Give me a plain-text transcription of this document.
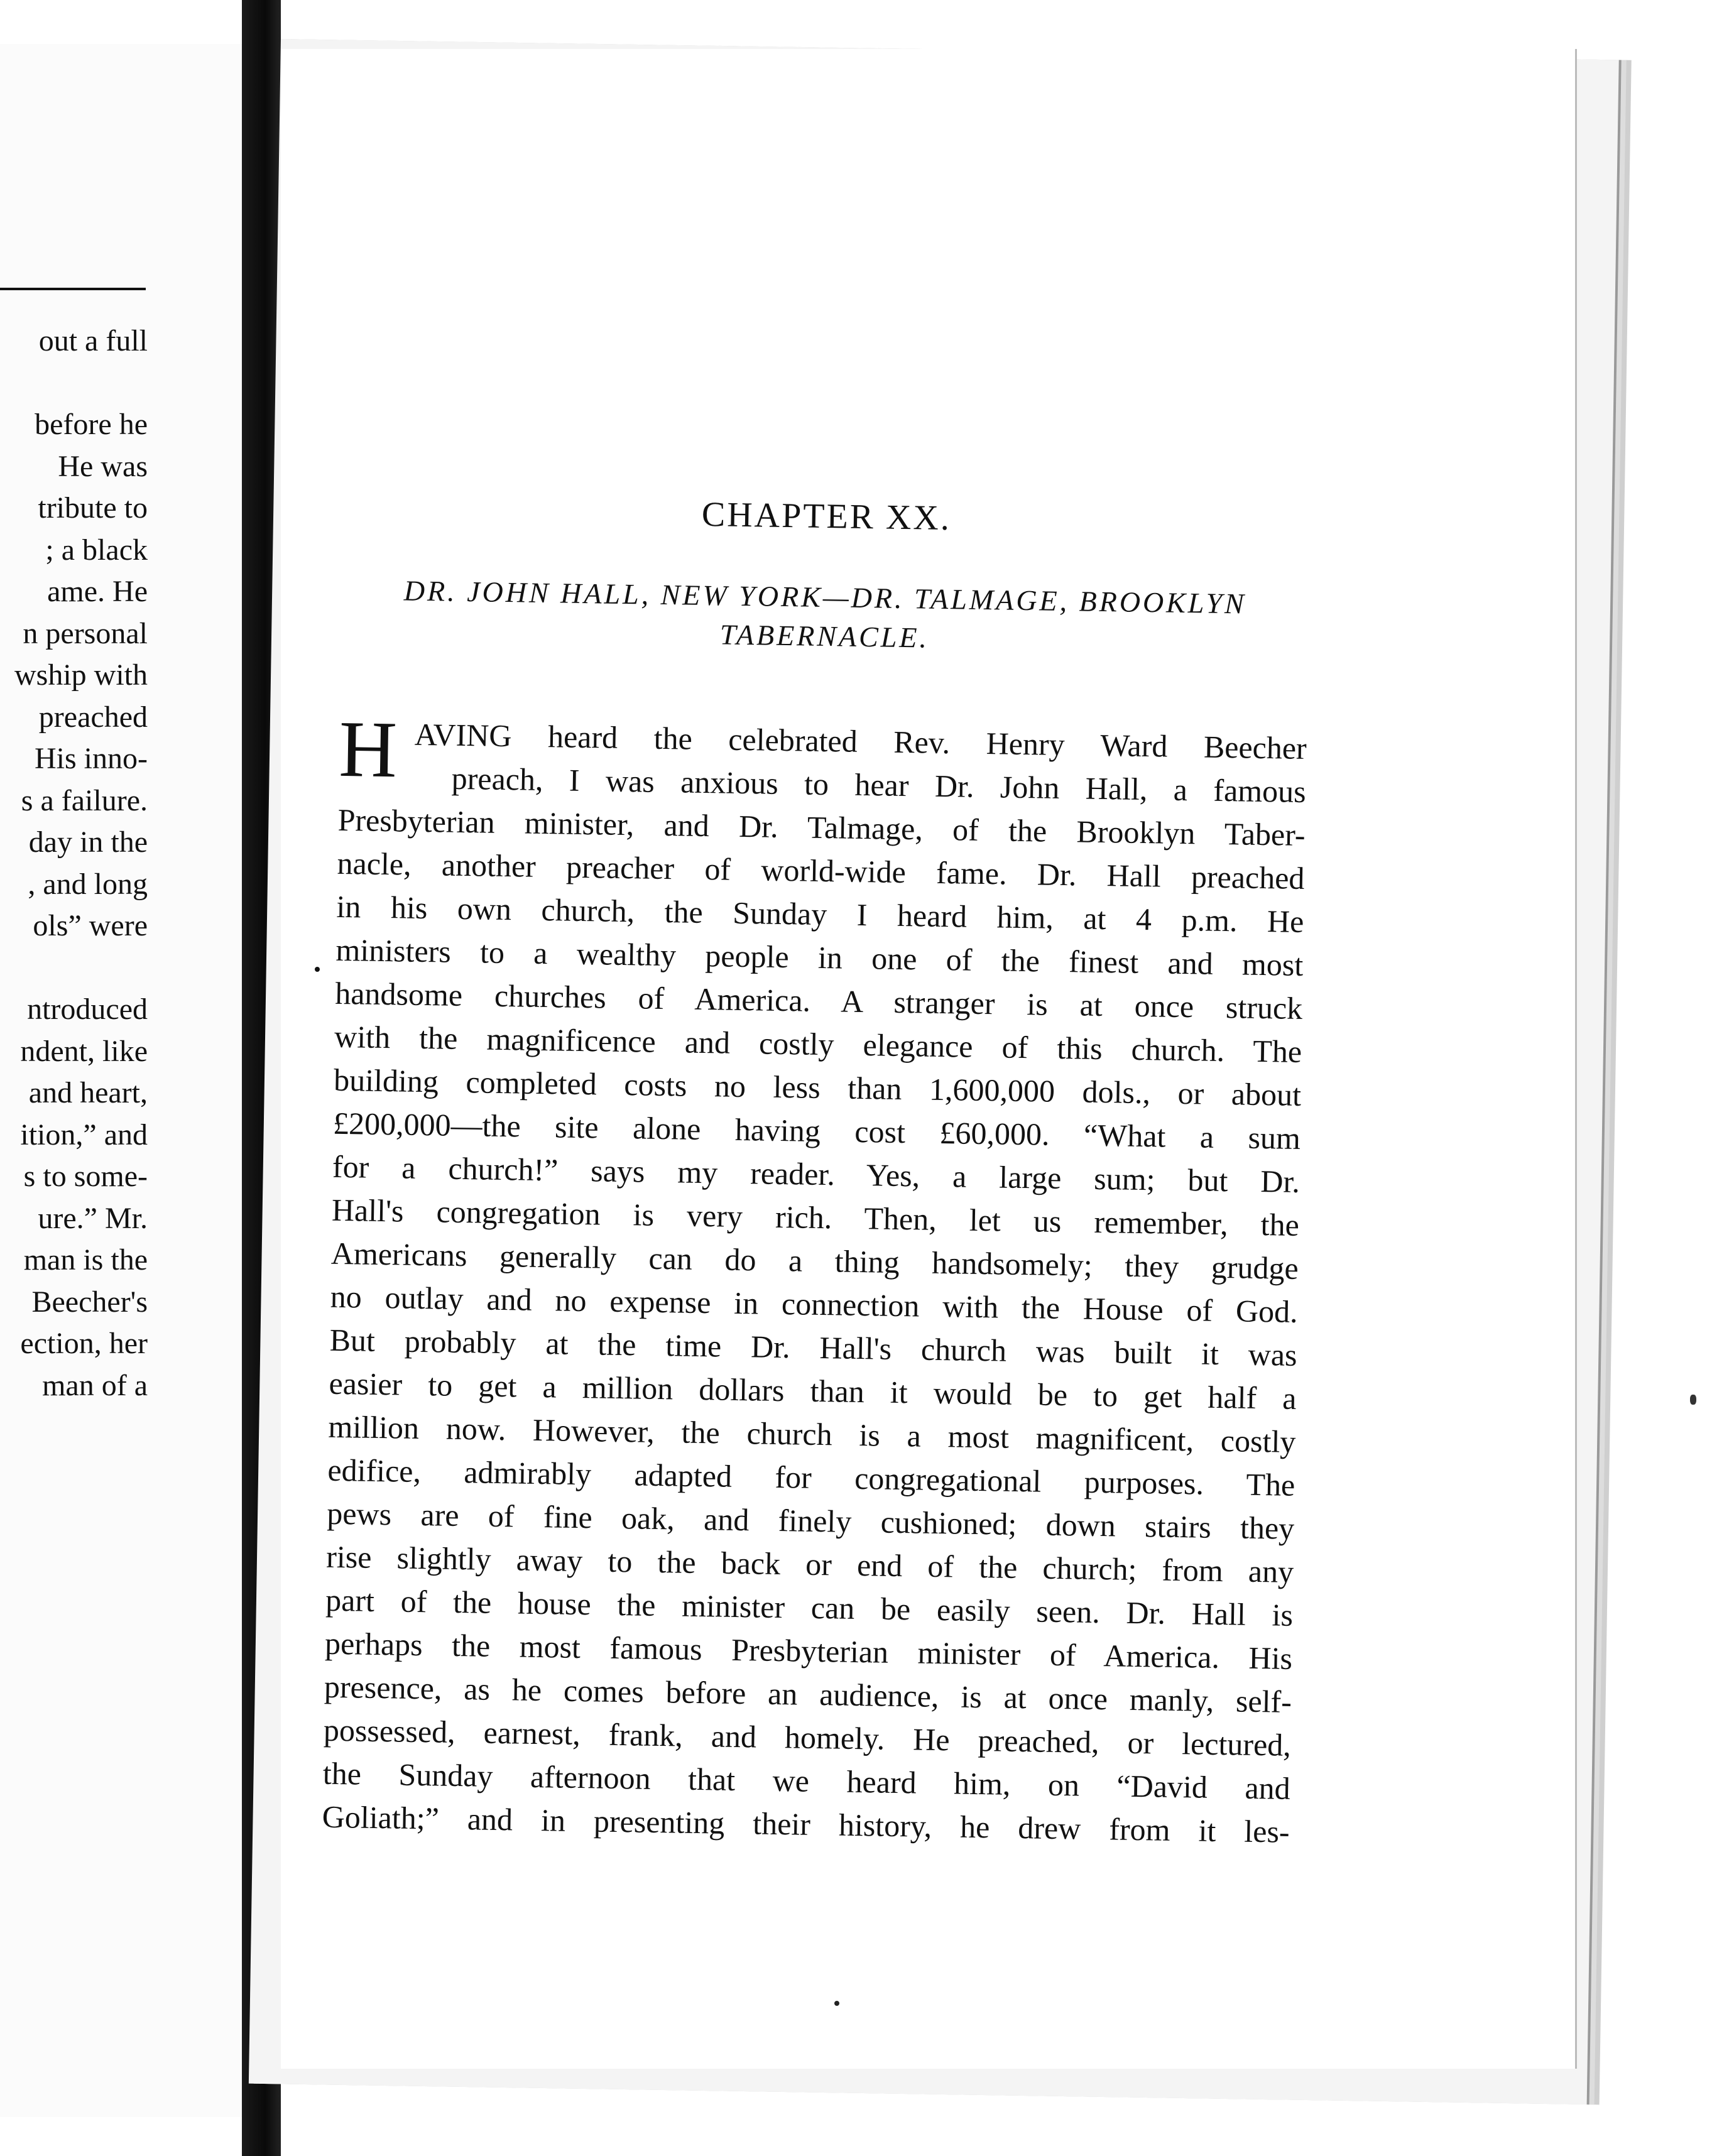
out a full
before he
He was
tribute to
; a black
ame. He
n personal
wship with
preached
His inno-
s a failure.
day in the
, and long
ols” were
ntroduced
ndent, like
and heart,
ition,” and
s to some-
ure.” Mr.
man is the
Beecher's
ection, her
man of a
CHAPTER XX.
DR. JOHN HALL, NEW YORK—DR. TALMAGE, BROOKLYN
TABERNACLE.
H AVING heard the celebrated Rev. Henry Ward Beecher
preach, I was anxious to hear Dr. John Hall, a famous
Presbyterian minister, and Dr. Talmage, of the Brooklyn Taber-
nacle, another preacher of world-wide fame. Dr. Hall preached
in his own church, the Sunday I heard him, at 4 p.m. He
ministers to a wealthy people in one of the finest and most
handsome churches of America. A stranger is at once struck
with the magnificence and costly elegance of this church. The
building completed costs no less than 1,600,000 dols., or about
£200,000—the site alone having cost £60,000. “What a sum
for a church!” says my reader. Yes, a large sum; but Dr.
Hall's congregation is very rich. Then, let us remember, the
Americans generally can do a thing handsomely; they grudge
no outlay and no expense in connection with the House of God.
But probably at the time Dr. Hall's church was built it was
easier to get a million dollars than it would be to get half a
million now. However, the church is a most magnificent, costly
edifice, admirably adapted for congregational purposes. The
pews are of fine oak, and finely cushioned; down stairs they
rise slightly away to the back or end of the church; from any
part of the house the minister can be easily seen. Dr. Hall is
perhaps the most famous Presbyterian minister of America. His
presence, as he comes before an audience, is at once manly, self-
possessed, earnest, frank, and homely. He preached, or lectured,
the Sunday afternoon that we heard him, on “David and
Goliath;” and in presenting their history, he drew from it les-
